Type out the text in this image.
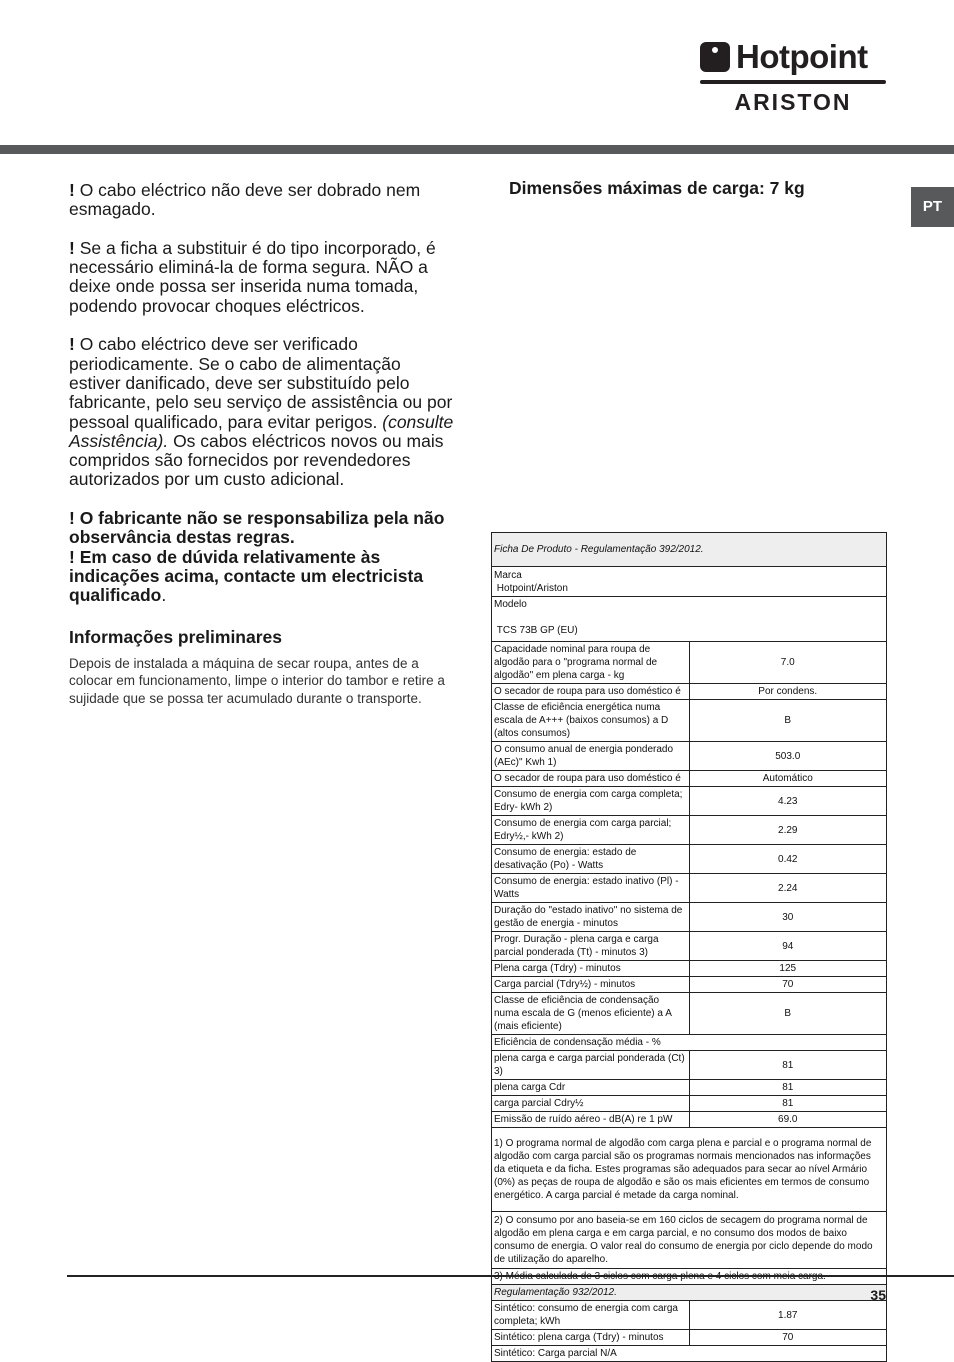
Hotpoint
ARISTON
PT

! O cabo eléctrico não deve ser dobrado nem esmagado.

! Se a ficha a substituir é do tipo incorporado, é necessário eliminá-la de forma segura. NÃO a deixe onde possa ser inserida numa tomada, podendo provocar choques eléctricos.

! O cabo eléctrico deve ser verificado periodicamente. Se o cabo de alimentação estiver danificado, deve ser substituído pelo fabricante, pelo seu serviço de assistência ou por pessoal qualificado, para evitar perigos. (consulte Assistência). Os cabos eléctricos novos ou mais compridos são fornecidos por revendedores autorizados por um custo adicional.

! O fabricante não se responsabiliza pela não observância destas regras.

! Em caso de dúvida relativamente às indicações acima, contacte um electricista qualificado.

Informações preliminares

Depois de instalada a máquina de secar roupa, antes de a colocar em funcionamento, limpe o interior do tambor e retire a sujidade que se possa ter acumulado durante o transporte.

Dimensões máximas de carga: 7 kg
Ficha De Produto - Regulamentação 392/2012.	
Marca
Hotpoint/Ariston	
Modelo

TCS 73B GP (EU)	
Capacidade nominal para roupa de algodão para o "programa normal de algodão" em plena carga - kg	7.0
O secador de roupa para uso doméstico é	Por condens.
Classe de eficiência energética numa escala de A+++ (baixos consumos) a D (altos consumos)	B
O consumo anual de energia ponderado (AEc)" Kwh 1)	503.0
O secador de roupa para uso doméstico é	Automático
Consumo de energia com carga completa; Edry- kWh 2)	4.23
Consumo de energia com carga parcial; Edry½,- kWh 2)	2.29
Consumo de energia: estado de desativação (Po) - Watts	0.42
Consumo de energia: estado inativo (Pl) - Watts	2.24
Duração do "estado inativo" no sistema de gestão de energia - minutos	30
Progr. Duração - plena carga e carga parcial ponderada (Tt) - minutos 3)	94
Plena carga (Tdry) - minutos	125
Carga parcial (Tdry½) - minutos	70
Classe de eficiência de condensação numa escala de G (menos eficiente) a A (mais eficiente)	B
Eficiência de condensação média - %	
plena carga e carga parcial ponderada (Ct) 3)	81
plena carga Cdr	81
carga parcial Cdry½	81
Emissão de ruído aéreo - dB(A) re 1 pW	69.0
1) O programa normal de algodão com carga plena e parcial e o programa normal de algodão com carga parcial são os programas normais mencionados nas informações da etiqueta e da ficha. Estes programas são adequados para secar ao nível Armário (0%) as peças de roupa de algodão e são os mais eficientes em termos de consumo energético. A carga parcial é metade da carga nominal.	
2) O consumo por ano baseia-se em 160 ciclos de secagem do programa normal de algodão em plena carga e em carga parcial, e no consumo dos modos de baixo consumo de energia. O valor real do consumo de energia por ciclo depende do modo de utilização do aparelho.	

Regulamentação 932/2012.	
Sintético: consumo de energia com carga completa; kWh	1.87
Sintético: plena carga (Tdry) - minutos	70
Sintético: Carga parcial N/A	
35
